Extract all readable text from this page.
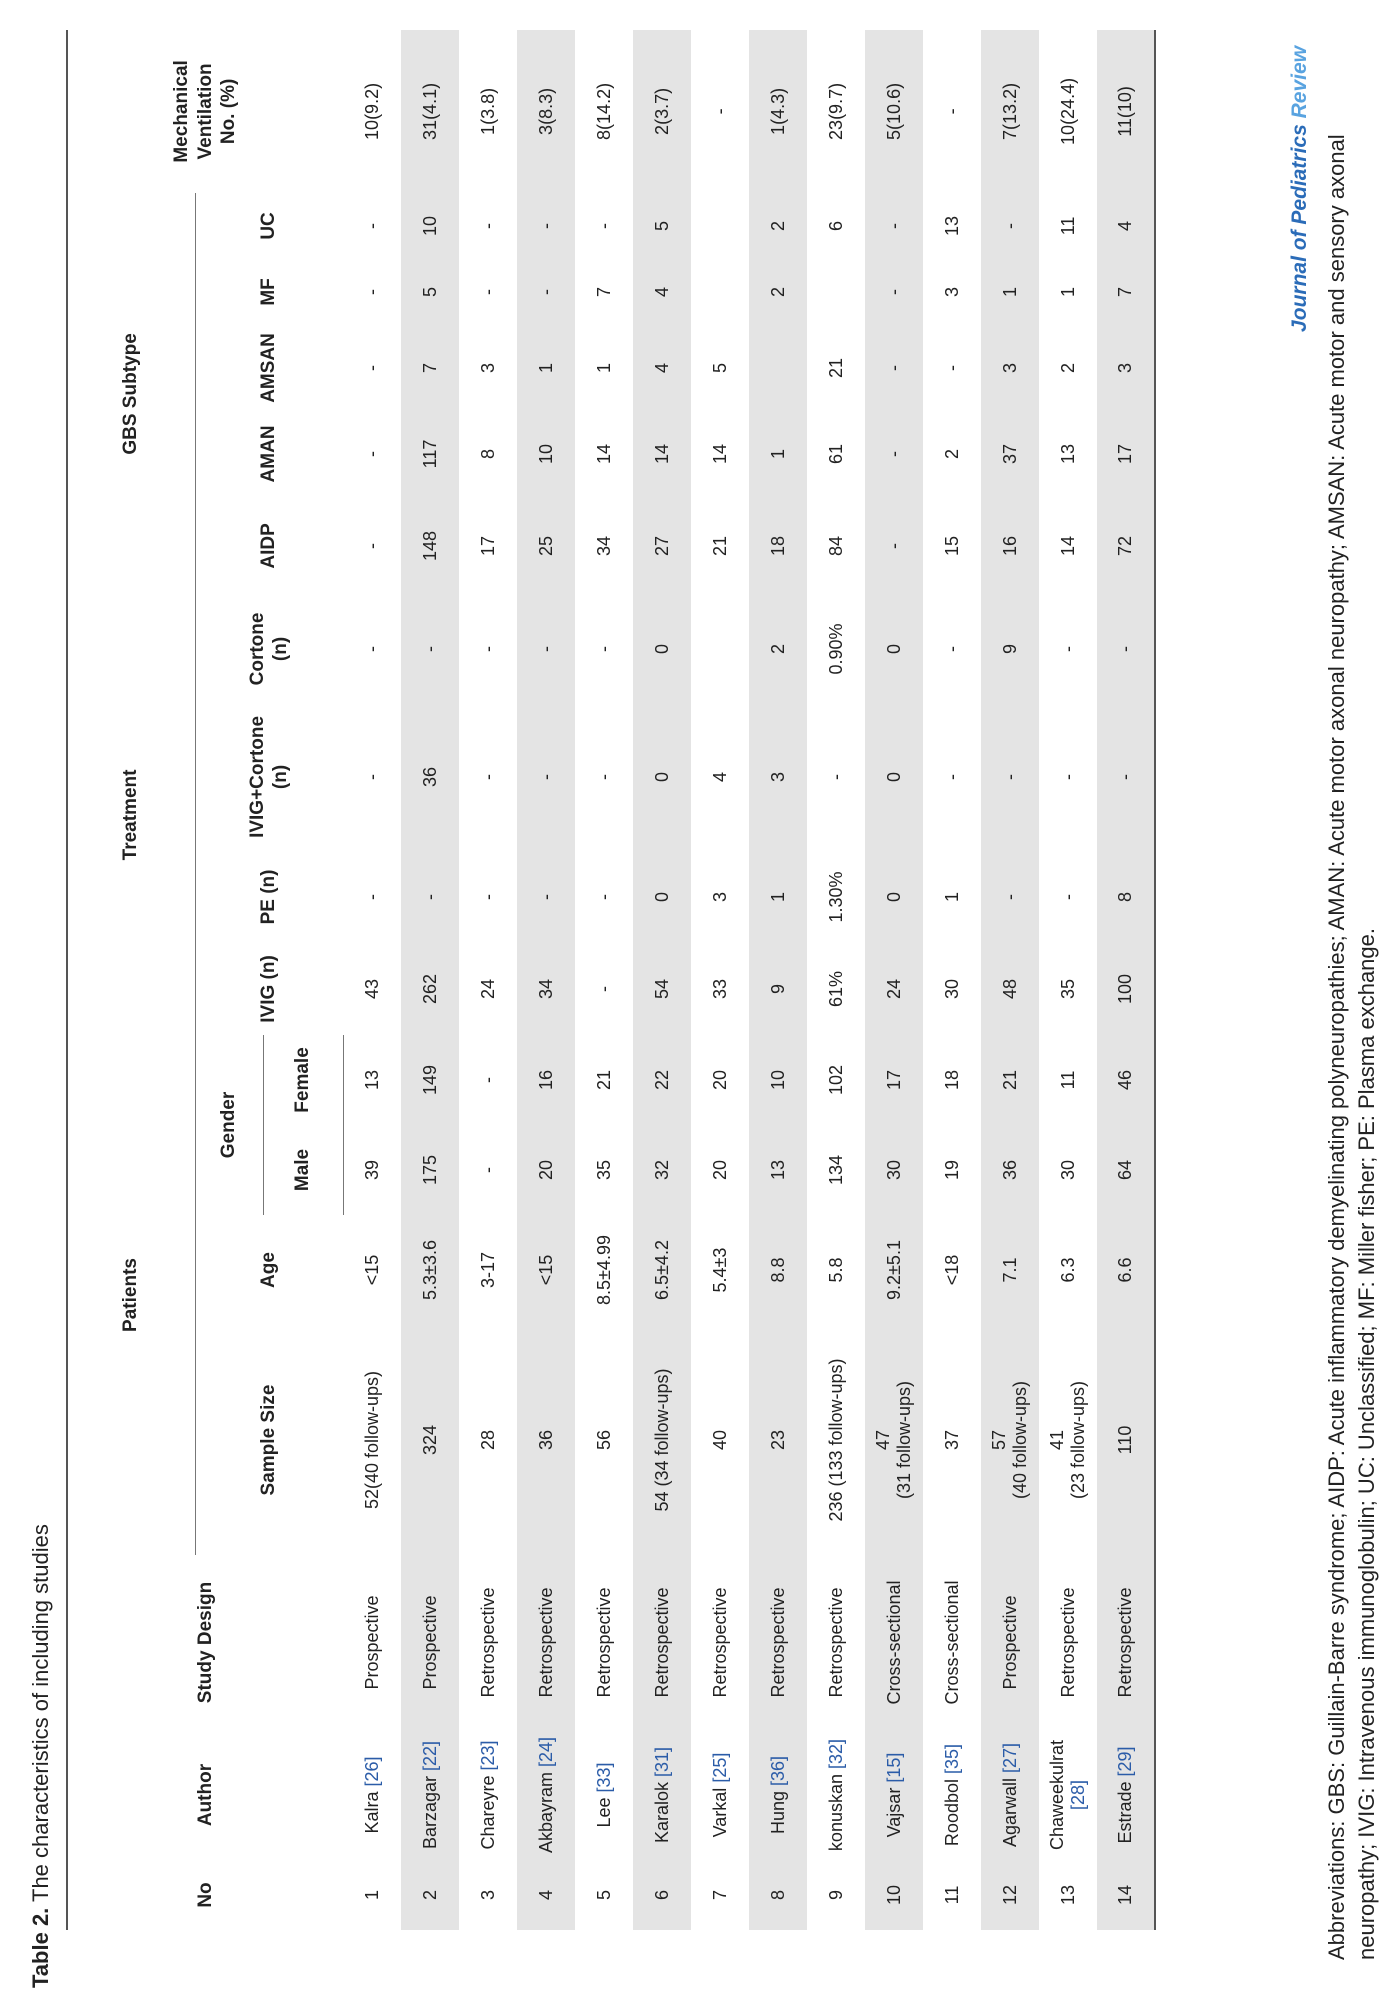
Table 2. The characteristics of including studies	No	Author	Study Design	Patients				Treatment				GBS Subtype					Mechanical Ventilation No. (%)
			Sample Size	Age	Gender		IVIG (n)	PE (n)	IVIG+Cortone (n)	Cortone (n)	AIDP	AMAN	AMSAN	MF	UC	
					Male	Female										
1	Kalra [26]	Prospective	52(40 follow-ups)	<15	39	13	43	-	-	-	-	-	-	-	-	10(9.2)
2	Barzagar [22]	Prospective	324	5.3±3.6	175	149	262	-	36	-	148	117	7	5	10	31(4.1)
3	Chareyre [23]	Retrospective	28	3-17	-	-	24	-	-	-	17	8	3	-	-	1(3.8)
4	Akbayram [24]	Retrospective	36	<15	20	16	34	-	-	-	25	10	1	-	-	3(8.3)
5	Lee [33]	Retrospective	56	8.5±4.99	35	21	-	-	-	-	34	14	1	7	-	8(14.2)
6	Karalok [31]	Retrospective	54 (34 follow-ups)	6.5±4.2	32	22	54	0	0	0	27	14	4	4	5	2(3.7)
7	Varkal [25]	Retrospective	40	5.4±3	20	20	33	3	4		21	14	5			-
8	Hung [36]	Retrospective	23	8.8	13	10	9	1	3	2	18	1		2	2	1(4.3)
9	konuskan [32]	Retrospective	236 (133 follow-ups)	5.8	134	102	61%	1.30%	-	0.90%	84	61	21		6	23(9.7)
10	Vajsar [15]	Cross-sectional	47
(31 follow-ups)	9.2±5.1	30	17	24	0	0	0	-	-	-	-	-	5(10.6)
11	Roodbol [35]	Cross-sectional	37	<18	19	18	30	1	-	-	15	2	-	3	13	-
12	Agarwall [27]	Prospective	57
(40 follow-ups)	7.1	36	21	48	-	-	9	16	37	3	1	-	7(13.2)
13	Chaweekulrat [28]	Retrospective	41
(23 follow-ups)	6.3	30	11	35	-	-	-	14	13	2	1	11	10(24.4)
14	Estrade [29]	Retrospective	110	6.6	64	46	100	8	-	-	72	17	3	7	4	11(10)
Journal of Pediatrics Review
Abbreviations: GBS: Guillain-Barre syndrome; AIDP: Acute inflammatory demyelinating polyneuropathies; AMAN: Acute motor axonal neuropathy; AMSAN: Acute motor and sensory axonal neuropathy; IVIG: Intravenous immunoglobulin; UC: Unclassified; MF: Miller fisher; PE: Plasma exchange.
